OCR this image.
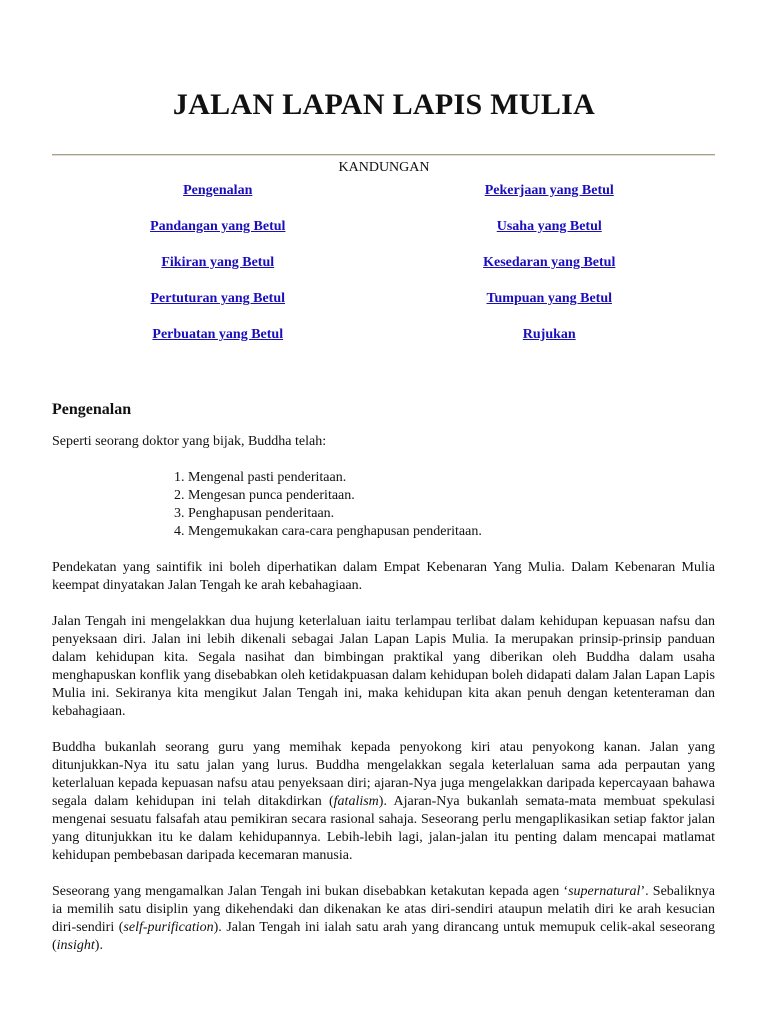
JALAN LAPAN LAPIS MULIA
KANDUNGAN
Pengenalan	Pekerjaan yang Betul
Pandangan yang Betul	Usaha yang Betul
Fikiran yang Betul	Kesedaran yang Betul
Pertuturan yang Betul	Tumpuan yang Betul
Perbuatan yang Betul	Rujukan
Pengenalan

Seperti seorang doktor yang bijak, Buddha telah:

1. Mengenal pasti penderitaan.
2. Mengesan punca penderitaan.
3. Penghapusan penderitaan.
4. Mengemukakan cara-cara penghapusan penderitaan.

Pendekatan yang saintifik ini boleh diperhatikan dalam Empat Kebenaran Yang Mulia. Dalam Kebenaran Mulia keempat dinyatakan Jalan Tengah ke arah kebahagiaan.

Jalan Tengah ini mengelakkan dua hujung keterlaluan iaitu terlampau terlibat dalam kehidupan kepuasan nafsu dan penyeksaan diri. Jalan ini lebih dikenali sebagai Jalan Lapan Lapis Mulia. Ia merupakan prinsip-prinsip panduan dalam kehidupan kita. Segala nasihat dan bimbingan praktikal yang diberikan oleh Buddha dalam usaha menghapuskan konflik yang disebabkan oleh ketidakpuasan dalam kehidupan boleh didapati dalam Jalan Lapan Lapis Mulia ini. Sekiranya kita mengikut Jalan Tengah ini, maka kehidupan kita akan penuh dengan ketenteraman dan kebahagiaan.

Buddha bukanlah seorang guru yang memihak kepada penyokong kiri atau penyokong kanan. Jalan yang ditunjukkan-Nya itu satu jalan yang lurus. Buddha mengelakkan segala keterlaluan sama ada perpautan yang keterlaluan kepada kepuasan nafsu atau penyeksaan diri; ajaran-Nya juga mengelakkan daripada kepercayaan bahawa segala dalam kehidupan ini telah ditakdirkan (fatalism). Ajaran-Nya bukanlah semata-mata membuat spekulasi mengenai sesuatu falsafah atau pemikiran secara rasional sahaja. Seseorang perlu mengaplikasikan setiap faktor jalan yang ditunjukkan itu ke dalam kehidupannya. Lebih-lebih lagi, jalan-jalan itu penting dalam mencapai matlamat kehidupan pembebasan daripada kecemaran manusia.

Seseorang yang mengamalkan Jalan Tengah ini bukan disebabkan ketakutan kepada agen ‘supernatural’. Sebaliknya ia memilih satu disiplin yang dikehendaki dan dikenakan ke atas diri-sendiri ataupun melatih diri ke arah kesucian diri-sendiri (self-purification). Jalan Tengah ini ialah satu arah yang dirancang untuk memupuk celik-akal seseorang (insight).
